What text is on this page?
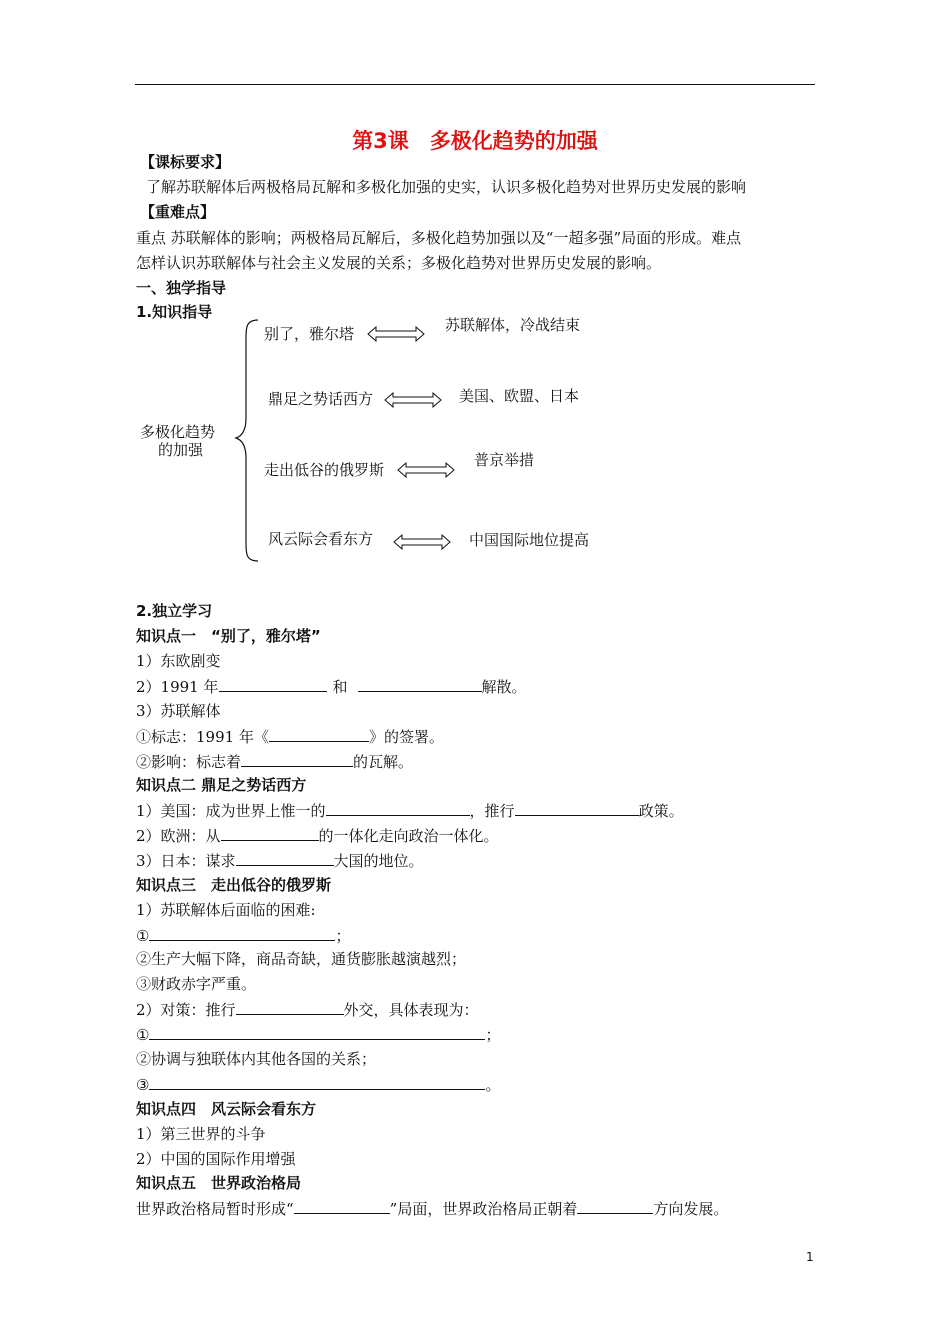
第3课　多极化趋势的加强
【课标要求】
了解苏联解体后两极格局瓦解和多极化加强的史实，认识多极化趋势对世界历史发展的影响
【重难点】
重点 苏联解体的影响；两极格局瓦解后，多极化趋势加强以及“一超多强”局面的形成。难点
怎样认识苏联解体与社会主义发展的关系；多极化趋势对世界历史发展的影响。
一、独学指导
1.知识指导
多极化趋势
的加强
别了，雅尔塔
鼎足之势话西方
走出低谷的俄罗斯
风云际会看东方
苏联解体，冷战结束
美国、欧盟、日本
普京举措
中国国际地位提高
2.独立学习
知识点一　“别了，雅尔塔”
1）东欧剧变
2）1991 年	和	解散。
3）苏联解体
①标志：1991 年《	》的签署。
②影响：标志着	的瓦解。
知识点二 鼎足之势话西方
1）美国：成为世界上惟一的	，推行	政策。
2）欧洲：从	的一体化走向政治一体化。
3）日本：谋求	大国的地位。
知识点三　走出低谷的俄罗斯
1）苏联解体后面临的困难:
①	；
②生产大幅下降，商品奇缺，通货膨胀越演越烈；
③财政赤字严重。
2）对策：推行	外交，具体表现为：
①	；
②协调与独联体内其他各国的关系；
③	。
知识点四　风云际会看东方
1）第三世界的斗争
2）中国的国际作用增强
知识点五　世界政治格局
世界政治格局暂时形成“	”局面，世界政治格局正朝着	方向发展。
1
